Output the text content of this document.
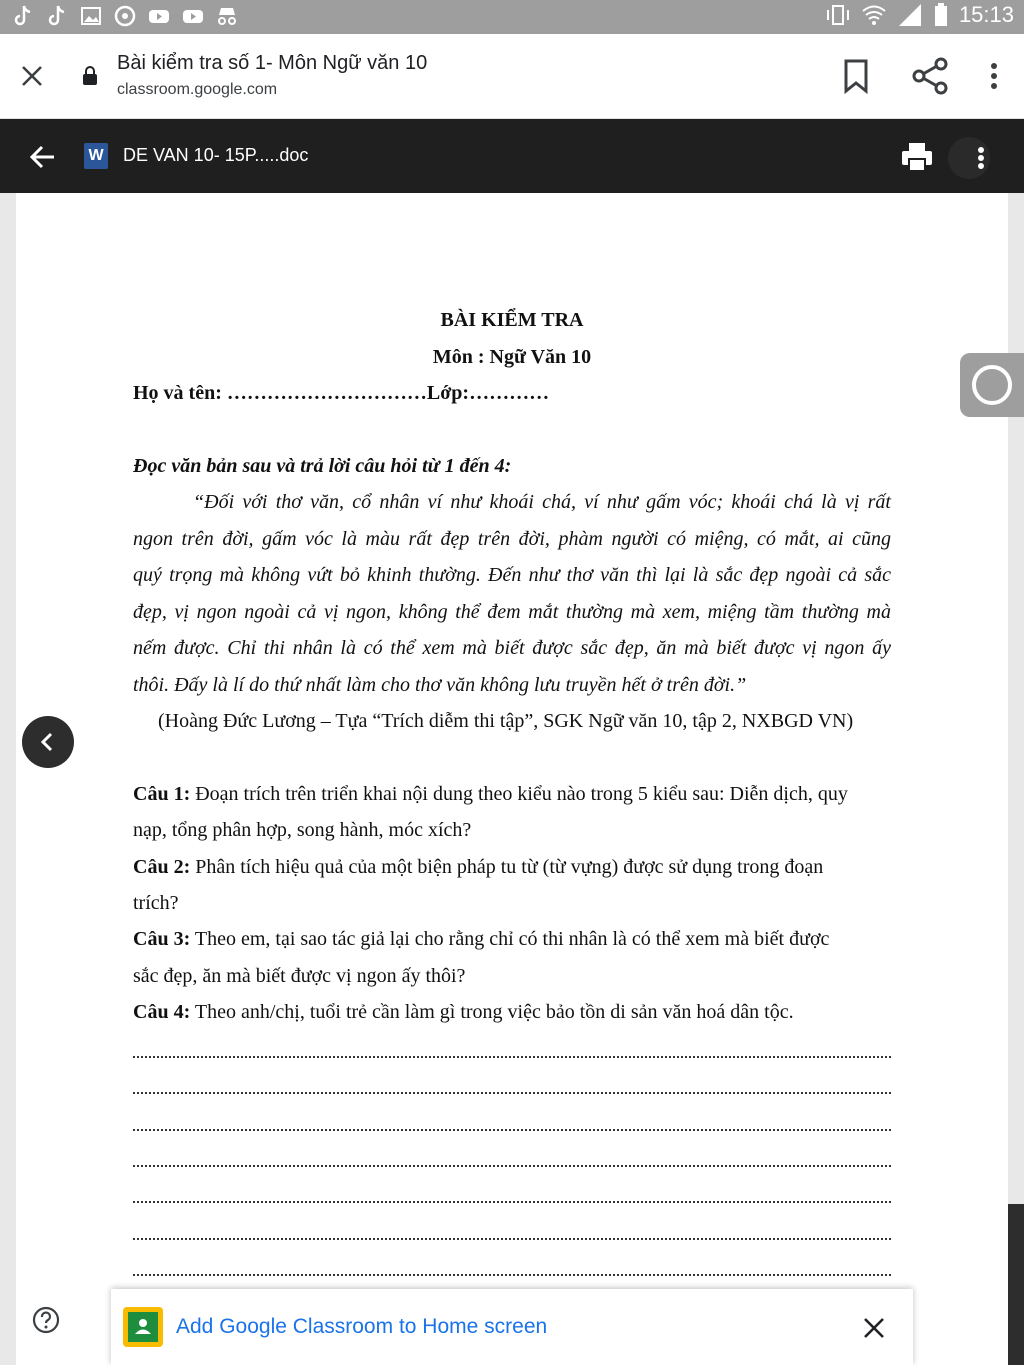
15:13
Bài kiểm tra số 1- Môn Ngữ văn 10
classroom.google.com
W DE VAN 10- 15P.....doc
BÀI KIỂM TRA
Môn : Ngữ Văn 10
Họ và tên: …………………………Lớp:…………
Đọc văn bản sau và trả lời câu hỏi từ 1 đến 4:
“Đối với thơ văn, cổ nhân ví như khoái chá, ví như gấm vóc; khoái chá là vị rất
ngon trên đời, gấm vóc là màu rất đẹp trên đời, phàm người có miệng, có mắt, ai cũng
quý trọng mà không vứt bỏ khinh thường. Đến như thơ văn thì lại là sắc đẹp ngoài cả sắc
đẹp, vị ngon ngoài cả vị ngon, không thể đem mắt thường mà xem, miệng tầm thường mà
nếm được. Chỉ thi nhân là có thể xem mà biết được sắc đẹp, ăn mà biết được vị ngon ấy
thôi. Đấy là lí do thứ nhất làm cho thơ văn không lưu truyền hết ở trên đời.”
(Hoàng Đức Lương – Tựa “Trích diễm thi tập”, SGK Ngữ văn 10, tập 2, NXBGD VN)
Câu 1: Đoạn trích trên triển khai nội dung theo kiểu nào trong 5 kiểu sau: Diễn dịch, quy
nạp, tổng phân hợp, song hành, móc xích?
Câu 2: Phân tích hiệu quả của một biện pháp tu từ (từ vựng) được sử dụng trong đoạn
trích?
Câu 3: Theo em, tại sao tác giả lại cho rằng chỉ có thi nhân là có thể xem mà biết được
sắc đẹp, ăn mà biết được vị ngon ấy thôi?
Câu 4: Theo anh/chị, tuổi trẻ cần làm gì trong việc bảo tồn di sản văn hoá dân tộc.
Add Google Classroom to Home screen
